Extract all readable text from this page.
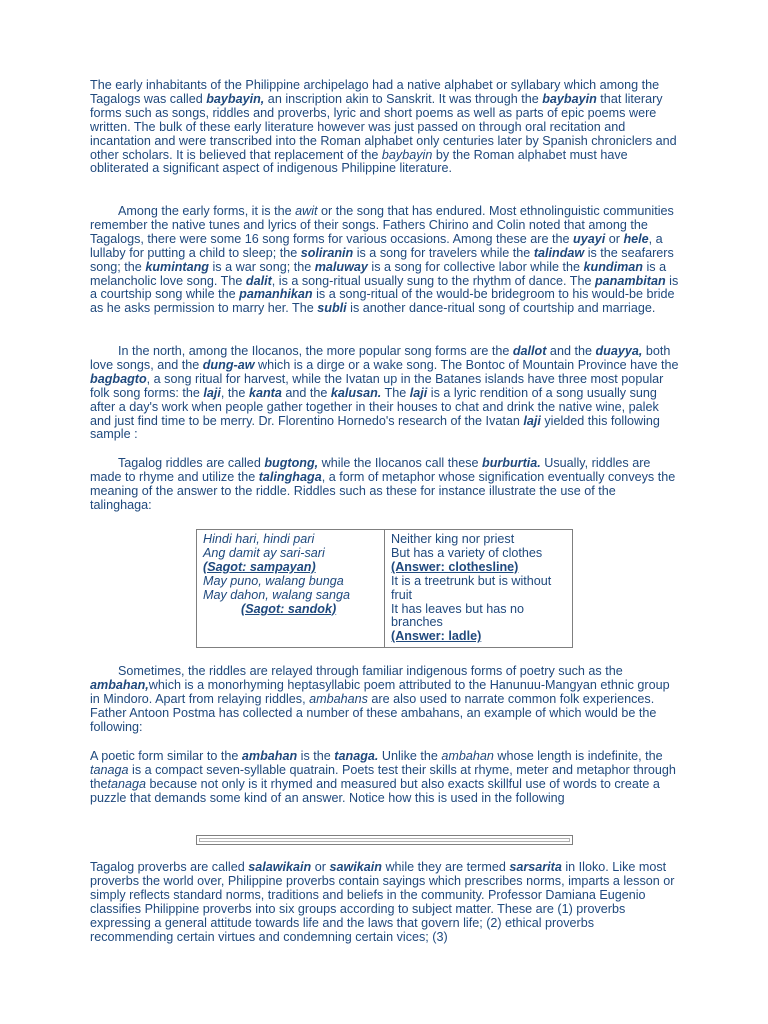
The early inhabitants of the Philippine archipelago had a native alphabet or syllabary which among the Tagalogs was called baybayin, an inscription akin to Sanskrit. It was through the baybayin that literary forms such as songs, riddles and proverbs, lyric and short poems as well as parts of epic poems were written. The bulk of these early literature however was just passed on through oral recitation and incantation and were transcribed into the Roman alphabet only centuries later by Spanish chroniclers and other scholars. It is believed that replacement of the baybayin by the Roman alphabet must have obliterated a significant aspect of indigenous Philippine literature.

Among the early forms, it is the awit or the song that has endured. Most ethnolinguistic communities remember the native tunes and lyrics of their songs. Fathers Chirino and Colin noted that among the Tagalogs, there were some 16 song forms for various occasions. Among these are the uyayi or hele, a lullaby for putting a child to sleep; the soliranin is a song for travelers while the talindaw is the seafarers song; the kumintang is a war song; the maluway is a song for collective labor while the kundiman is a melancholic love song. The dalit, is a song-ritual usually sung to the rhythm of dance. The panambitan is a courtship song while the pamanhikan is a song-ritual of the would-be bridegroom to his would-be bride as he asks permission to marry her. The subli is another dance-ritual song of courtship and marriage.

In the north, among the Ilocanos, the more popular song forms are the dallot and the duayya, both love songs, and the dung-aw which is a dirge or a wake song. The Bontoc of Mountain Province have the bagbagto, a song ritual for harvest, while the Ivatan up in the Batanes islands have three most popular folk song forms: the laji, the kanta and the kalusan. The laji is a lyric rendition of a song usually sung after a day's work when people gather together in their houses to chat and drink the native wine, palek and just find time to be merry. Dr. Florentino Hornedo's research of the Ivatan laji yielded this following sample :

Tagalog riddles are called bugtong, while the Ilocanos call these burburtia. Usually, riddles are made to rhyme and utilize the talinghaga, a form of metaphor whose signification eventually conveys the meaning of the answer to the riddle. Riddles such as these for instance illustrate the use of the talinghaga:

Hindi hari, hindi pari
Ang damit ay sari-sari
(Sagot: sampayan)
May puno, walang bunga
May dahon, walang sanga
(Sagot: sandok)
Neither king nor priest
But has a variety of clothes
(Answer: clothesline)
It is a treetrunk but is without fruit
It has leaves but has no branches
(Answer: ladle)

Sometimes, the riddles are relayed through familiar indigenous forms of poetry such as the ambahan,which is a monorhyming heptasyllabic poem attributed to the Hanunuu-Mangyan ethnic group in Mindoro. Apart from relaying riddles, ambahans are also used to narrate common folk experiences. Father Antoon Postma has collected a number of these ambahans, an example of which would be the following:

A poetic form similar to the ambahan is the tanaga. Unlike the ambahan whose length is indefinite, the tanaga is a compact seven-syllable quatrain. Poets test their skills at rhyme, meter and metaphor through thetanaga because not only is it rhymed and measured but also exacts skillful use of words to create a puzzle that demands some kind of an answer. Notice how this is used in the following

Tagalog proverbs are called salawikain or sawikain while they are termed sarsarita in Iloko. Like most proverbs the world over, Philippine proverbs contain sayings which prescribes norms, imparts a lesson or simply reflects standard norms, traditions and beliefs in the community. Professor Damiana Eugenio classifies Philippine proverbs into six groups according to subject matter. These are (1) proverbs expressing a general attitude towards life and the laws that govern life; (2) ethical proverbs recommending certain virtues and condemning certain vices; (3)
